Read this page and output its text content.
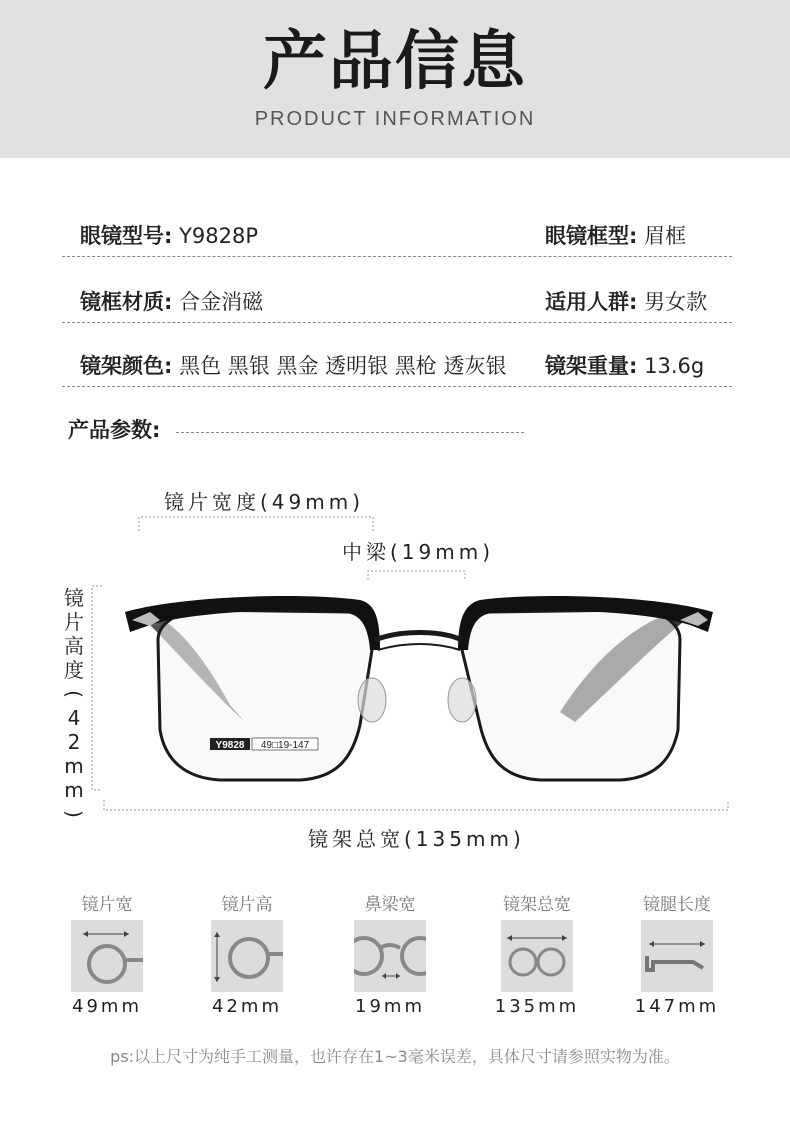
产品信息
PRODUCT INFORMATION
眼镜型号: Y9828P	眼镜框型: 眉框
镜框材质: 合金消磁	适用人群: 男女款
镜架颜色: 黑色 黑银 黑金 透明银 黑枪 透灰银 镜架重量: 13.6g
产品参数:
镜片宽度(49mm)
中梁(19mm)
镜架总宽(135mm)
镜
片
高
度
(
4
2
m
m
)
Y9828 49□19-147
镜片宽
49mm
镜片高
42mm
鼻梁宽
19mm
镜架总宽
135mm
镜腿长度
147mm
ps:以上尺寸为纯手工测量，也许存在1~3毫米误差，具体尺寸请参照实物为准。
